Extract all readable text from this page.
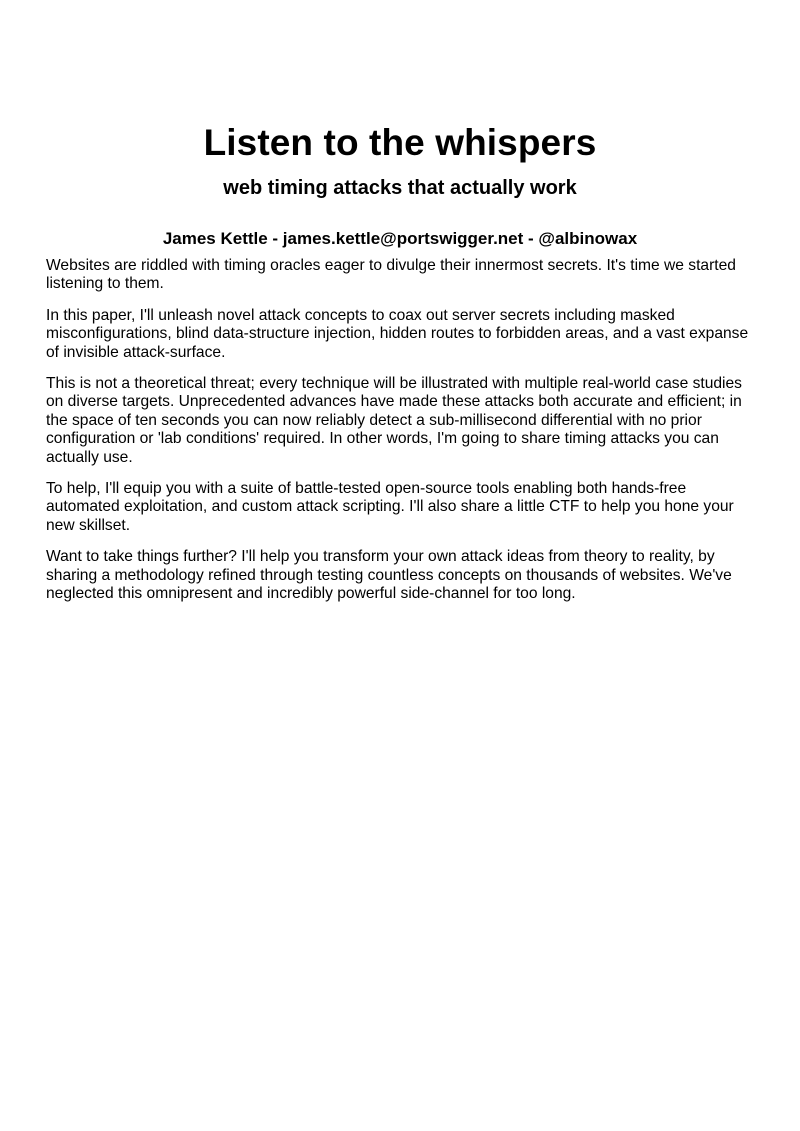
Listen to the whispers
web timing attacks that actually work
James Kettle - james.kettle@portswigger.net - @albinowax

Websites are riddled with timing oracles eager to divulge their innermost secrets. It's time we started listening to them.

In this paper, I'll unleash novel attack concepts to coax out server secrets including masked misconfigurations, blind data-structure injection, hidden routes to forbidden areas, and a vast expanse of invisible attack-surface.

This is not a theoretical threat; every technique will be illustrated with multiple real-world case studies on diverse targets. Unprecedented advances have made these attacks both accurate and efficient; in the space of ten seconds you can now reliably detect a sub-millisecond differential with no prior configuration or 'lab conditions' required. In other words, I'm going to share timing attacks you can actually use.

To help, I'll equip you with a suite of battle-tested open-source tools enabling both hands-free automated exploitation, and custom attack scripting. I'll also share a little CTF to help you hone your new skillset.

Want to take things further? I'll help you transform your own attack ideas from theory to reality, by sharing a methodology refined through testing countless concepts on thousands of websites. We've neglected this omnipresent and incredibly powerful side-channel for too long.
